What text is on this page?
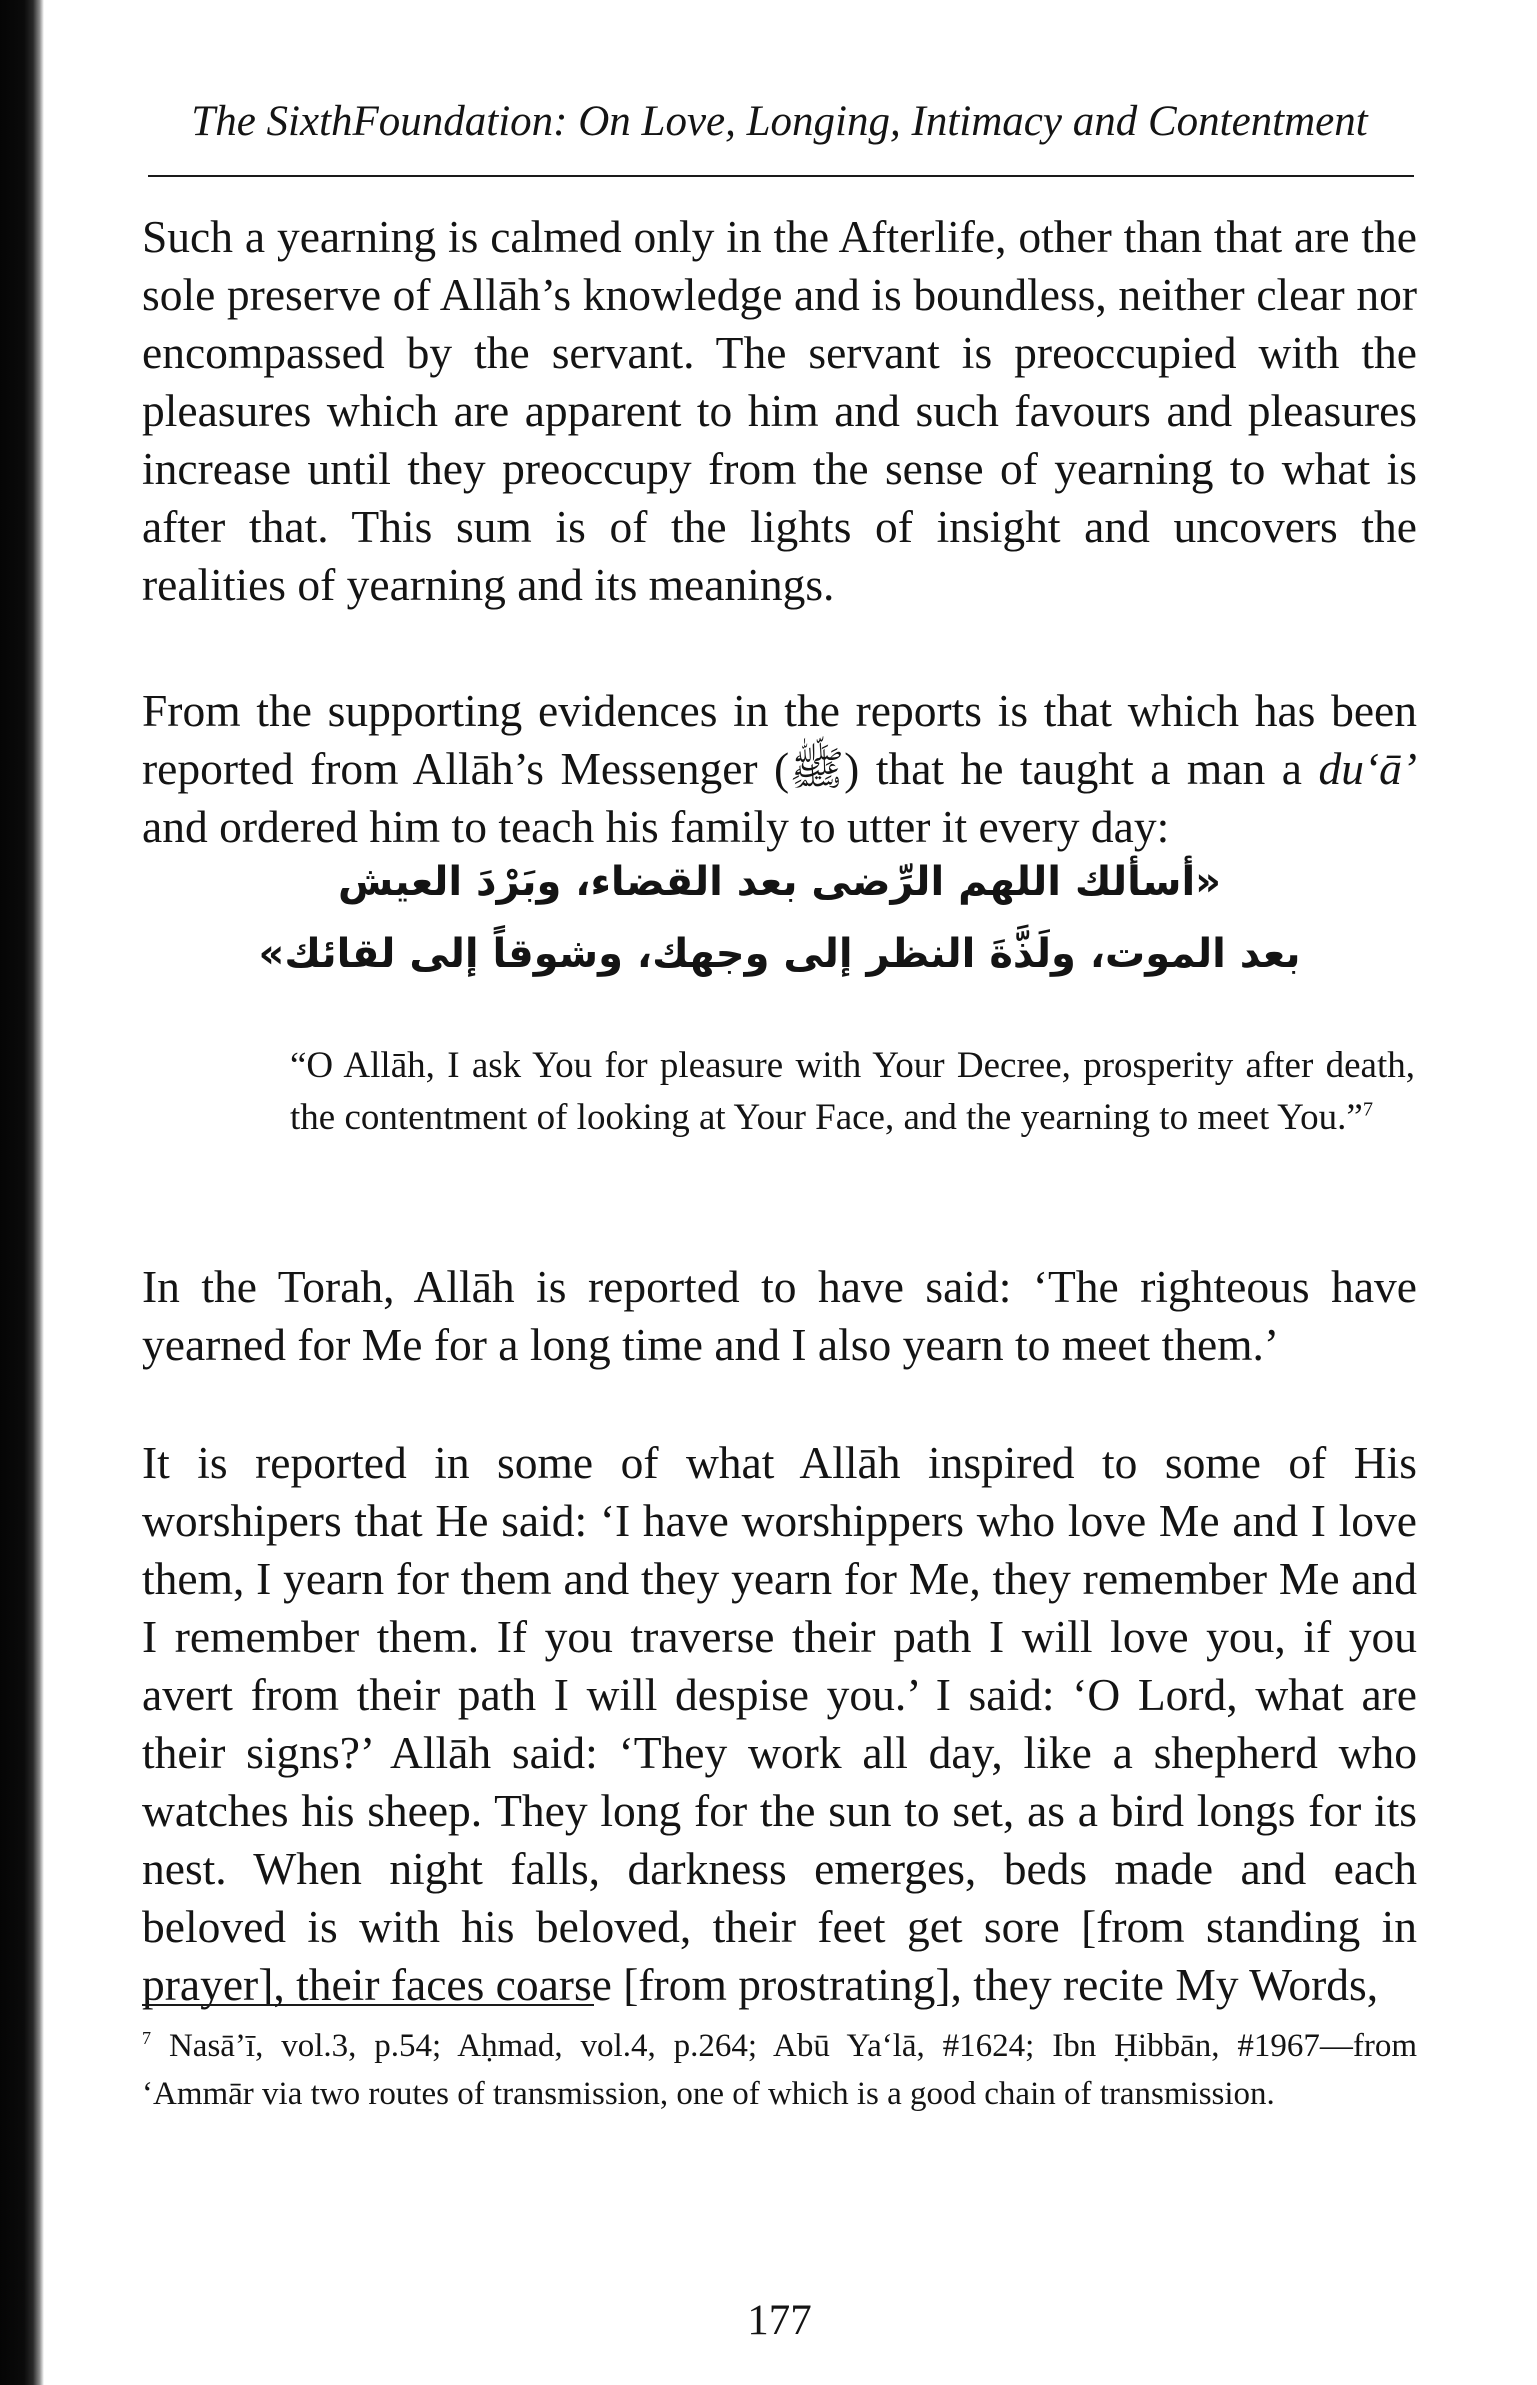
The SixthFoundation: On Love, Longing, Intimacy and Contentment

Such a yearning is calmed only in the Afterlife, other than that are the sole preserve of Allāh’s knowledge and is boundless, neither clear nor encompassed by the servant. The servant is preoccupied with the pleasures which are apparent to him and such favours and pleasures increase until they preoccupy from the sense of yearning to what is after that. This sum is of the lights of insight and uncovers the realities of yearning and its meanings.

From the supporting evidences in the reports is that which has been reported from Allāh’s Messenger (ﷺ) that he taught a man a du‘ā’ and ordered him to teach his family to utter it every day:

«أسألك اللهم الرِّضى بعد القضاء، وبَرْدَ العيش
بعد الموت، ولَذَّةَ النظر إلى وجهك، وشوقاً إلى لقائك»

“O Allāh, I ask You for pleasure with Your Decree, prosperity after death, the contentment of looking at Your Face, and the yearning to meet You.”$^7$

In the Torah, Allāh is reported to have said: ‘The righteous have yearned for Me for a long time and I also yearn to meet them.’

It is reported in some of what Allāh inspired to some of His worshipers that He said: ‘I have worshippers who love Me and I love them, I yearn for them and they yearn for Me, they remember Me and I remember them. If you traverse their path I will love you, if you avert from their path I will despise you.’ I said: ‘O Lord, what are their signs?’ Allāh said: ‘They work all day, like a shepherd who watches his sheep. They long for the sun to set, as a bird longs for its nest. When night falls, darkness emerges, beds made and each beloved is with his beloved, their feet get sore [from standing in prayer], their faces coarse [from prostrating], they recite My Words,

$^7$ Nasā’ī, vol.3, p.54; Aḥmad, vol.4, p.264; Abū Ya‘lā, #1624; Ibn Ḥibbān, #1967—from ‘Ammār via two routes of transmission, one of which is a good chain of transmission.

177
